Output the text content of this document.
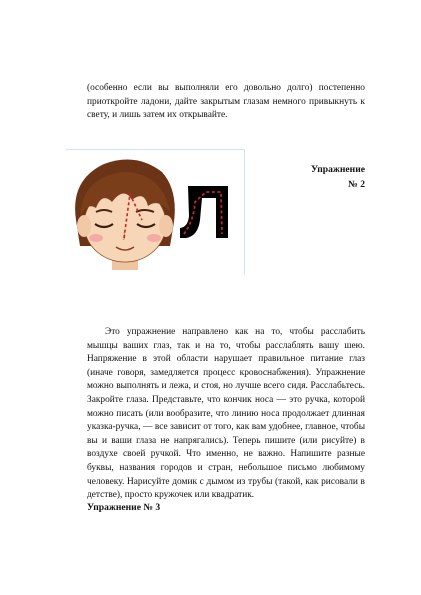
(особенно если вы выполняли его довольно долго) постепенно приоткройте ладони, дайте закрытым глазам немного привыкнуть к свету, и лишь затем их открывайте.

Упражнение

№ 2

Это упражнение направлено как на то, чтобы расслабить мышцы ваших глаз, так и на то, чтобы расслаблять вашу шею. Напряжение в этой области нарушает правильное питание глаз (иначе говоря, замедляется процесс кровоснабжения). Упражнение можно выполнять и лежа, и стоя, но лучше всего сидя. Расслабьтесь. Закройте глаза. Представьте, что кончик носа — это ручка, которой можно писать (или вообразите, что линию носа продолжает длинная указка-ручка, — все зависит от того, как вам удобнее, главное, чтобы вы и ваши глаза не напрягались). Теперь пишите (или рисуйте) в воздухе своей ручкой. Что именно, не важно. Напишите разные буквы, названия городов и стран, небольшое письмо любимому человеку. Нарисуйте домик с дымом из трубы (такой, как рисовали в детстве), просто кружочек или квадратик.

Упражнение № 3
